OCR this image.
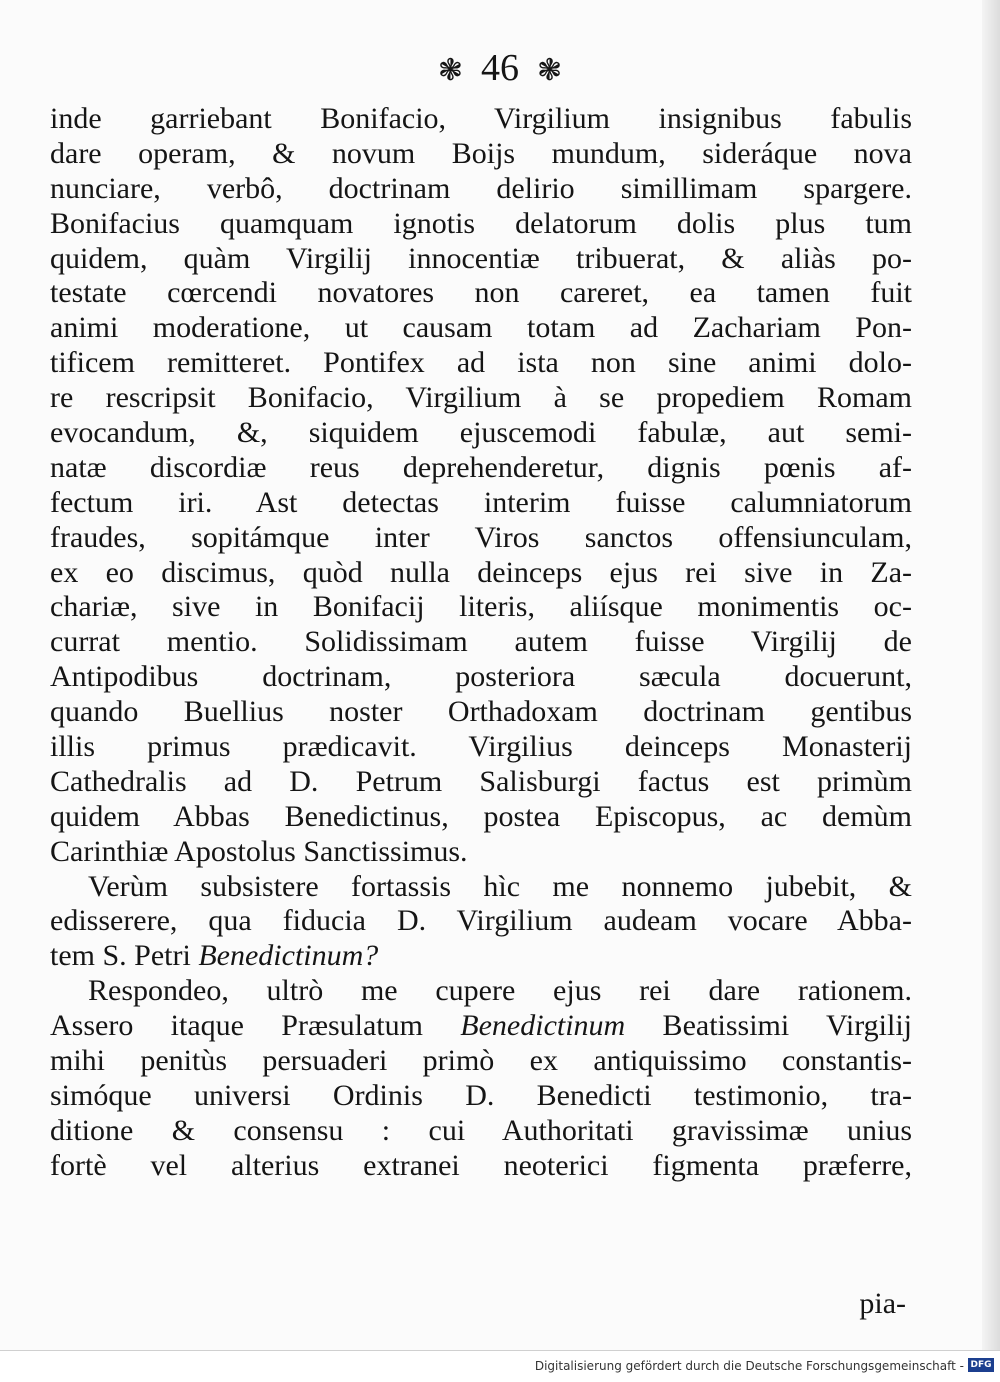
❃ 46 ❃
inde garriebant Bonifacio, Virgilium insignibus fabulis
dare operam, & novum Boijs mundum, sideráque nova
nunciare, verbô, doctrinam delirio simillimam spargere.
Bonifacius quamquam ignotis delatorum dolis plus tum
quidem, quàm Virgilij innocentiæ tribuerat, & aliàs po-
testate cœrcendi novatores non careret, ea tamen fuit
animi moderatione, ut causam totam ad Zachariam Pon-
tificem remitteret. Pontifex ad ista non sine animi dolo-
re rescripsit Bonifacio, Virgilium à se propediem Romam
evocandum, &, siquidem ejuscemodi fabulæ, aut semi-
natæ discordiæ reus deprehenderetur, dignis pœnis af-
fectum iri. Ast detectas interim fuisse calumniatorum
fraudes, sopitámque inter Viros sanctos offensiunculam,
ex eo discimus, quòd nulla deinceps ejus rei sive in Za-
chariæ, sive in Bonifacij literis, aliísque monimentis oc-
currat mentio. Solidissimam autem fuisse Virgilij de
Antipodibus doctrinam, posteriora sæcula docuerunt,
quando Buellius noster Orthadoxam doctrinam gentibus
illis primus prædicavit. Virgilius deinceps Monasterij
Cathedralis ad D. Petrum Salisburgi factus est primùm
quidem Abbas Benedictinus, postea Episcopus, ac demùm
Carinthiæ Apostolus Sanctissimus.
Verùm subsistere fortassis hìc me nonnemo jubebit, &
edisserere, qua fiducia D. Virgilium audeam vocare Abba-
tem S. Petri Benedictinum?
Respondeo, ultrò me cupere ejus rei dare rationem.
Assero itaque Præsulatum Benedictinum Beatissimi Virgilij
mihi penitùs persuaderi primò ex antiquissimo constantis-
simóque universi Ordinis D. Benedicti testimonio, tra-
ditione & consensu : cui Authoritati gravissimæ unius
fortè vel alterius extranei neoterici figmenta præferre,
pia-
Digitalisierung gefördert durch die Deutsche Forschungsgemeinschaft - DFG
